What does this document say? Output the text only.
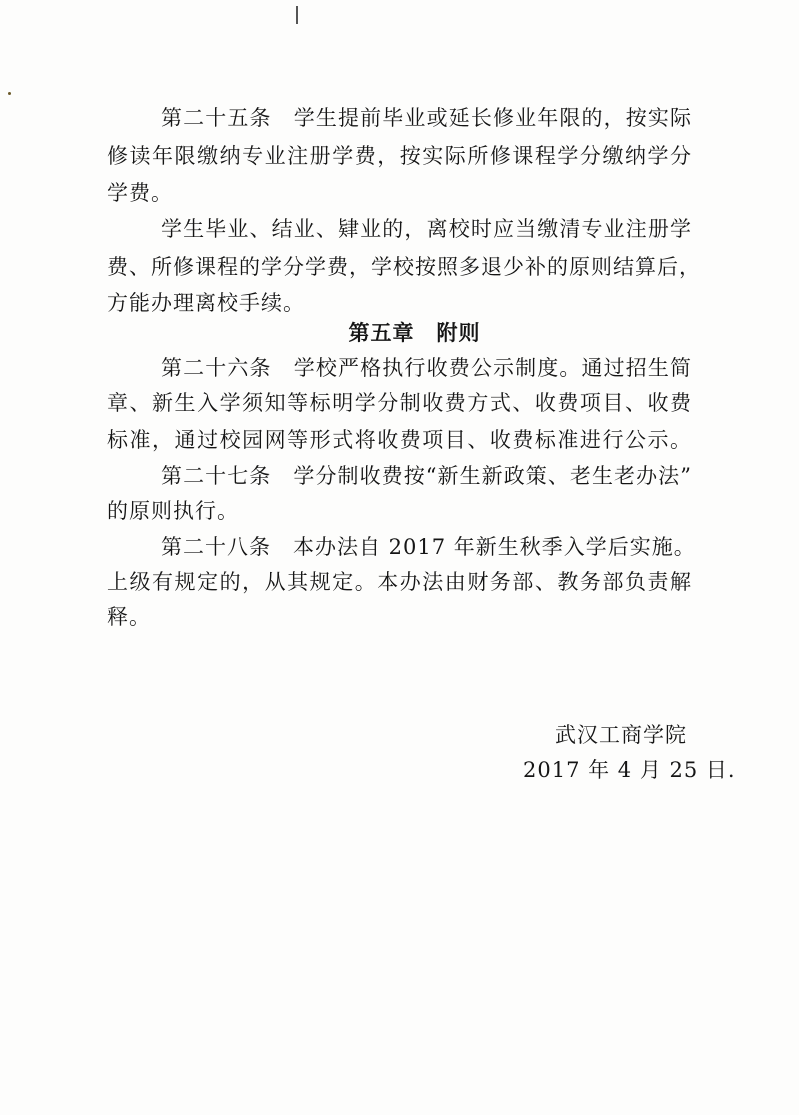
第二十五条　学生提前毕业或延长修业年限的，按实际
修读年限缴纳专业注册学费，按实际所修课程学分缴纳学分
学费。
学生毕业、结业、肄业的，离校时应当缴清专业注册学
费、所修课程的学分学费，学校按照多退少补的原则结算后，
方能办理离校手续。
第五章　附则
第二十六条　学校严格执行收费公示制度。通过招生简
章、新生入学须知等标明学分制收费方式、收费项目、收费
标准，通过校园网等形式将收费项目、收费标准进行公示。
第二十七条　学分制收费按“新生新政策、老生老办法”
的原则执行。
第二十八条　本办法自 2017 年新生秋季入学后实施。
上级有规定的，从其规定。本办法由财务部、教务部负责解
释。
武汉工商学院
2017 年 4 月 25 日.
